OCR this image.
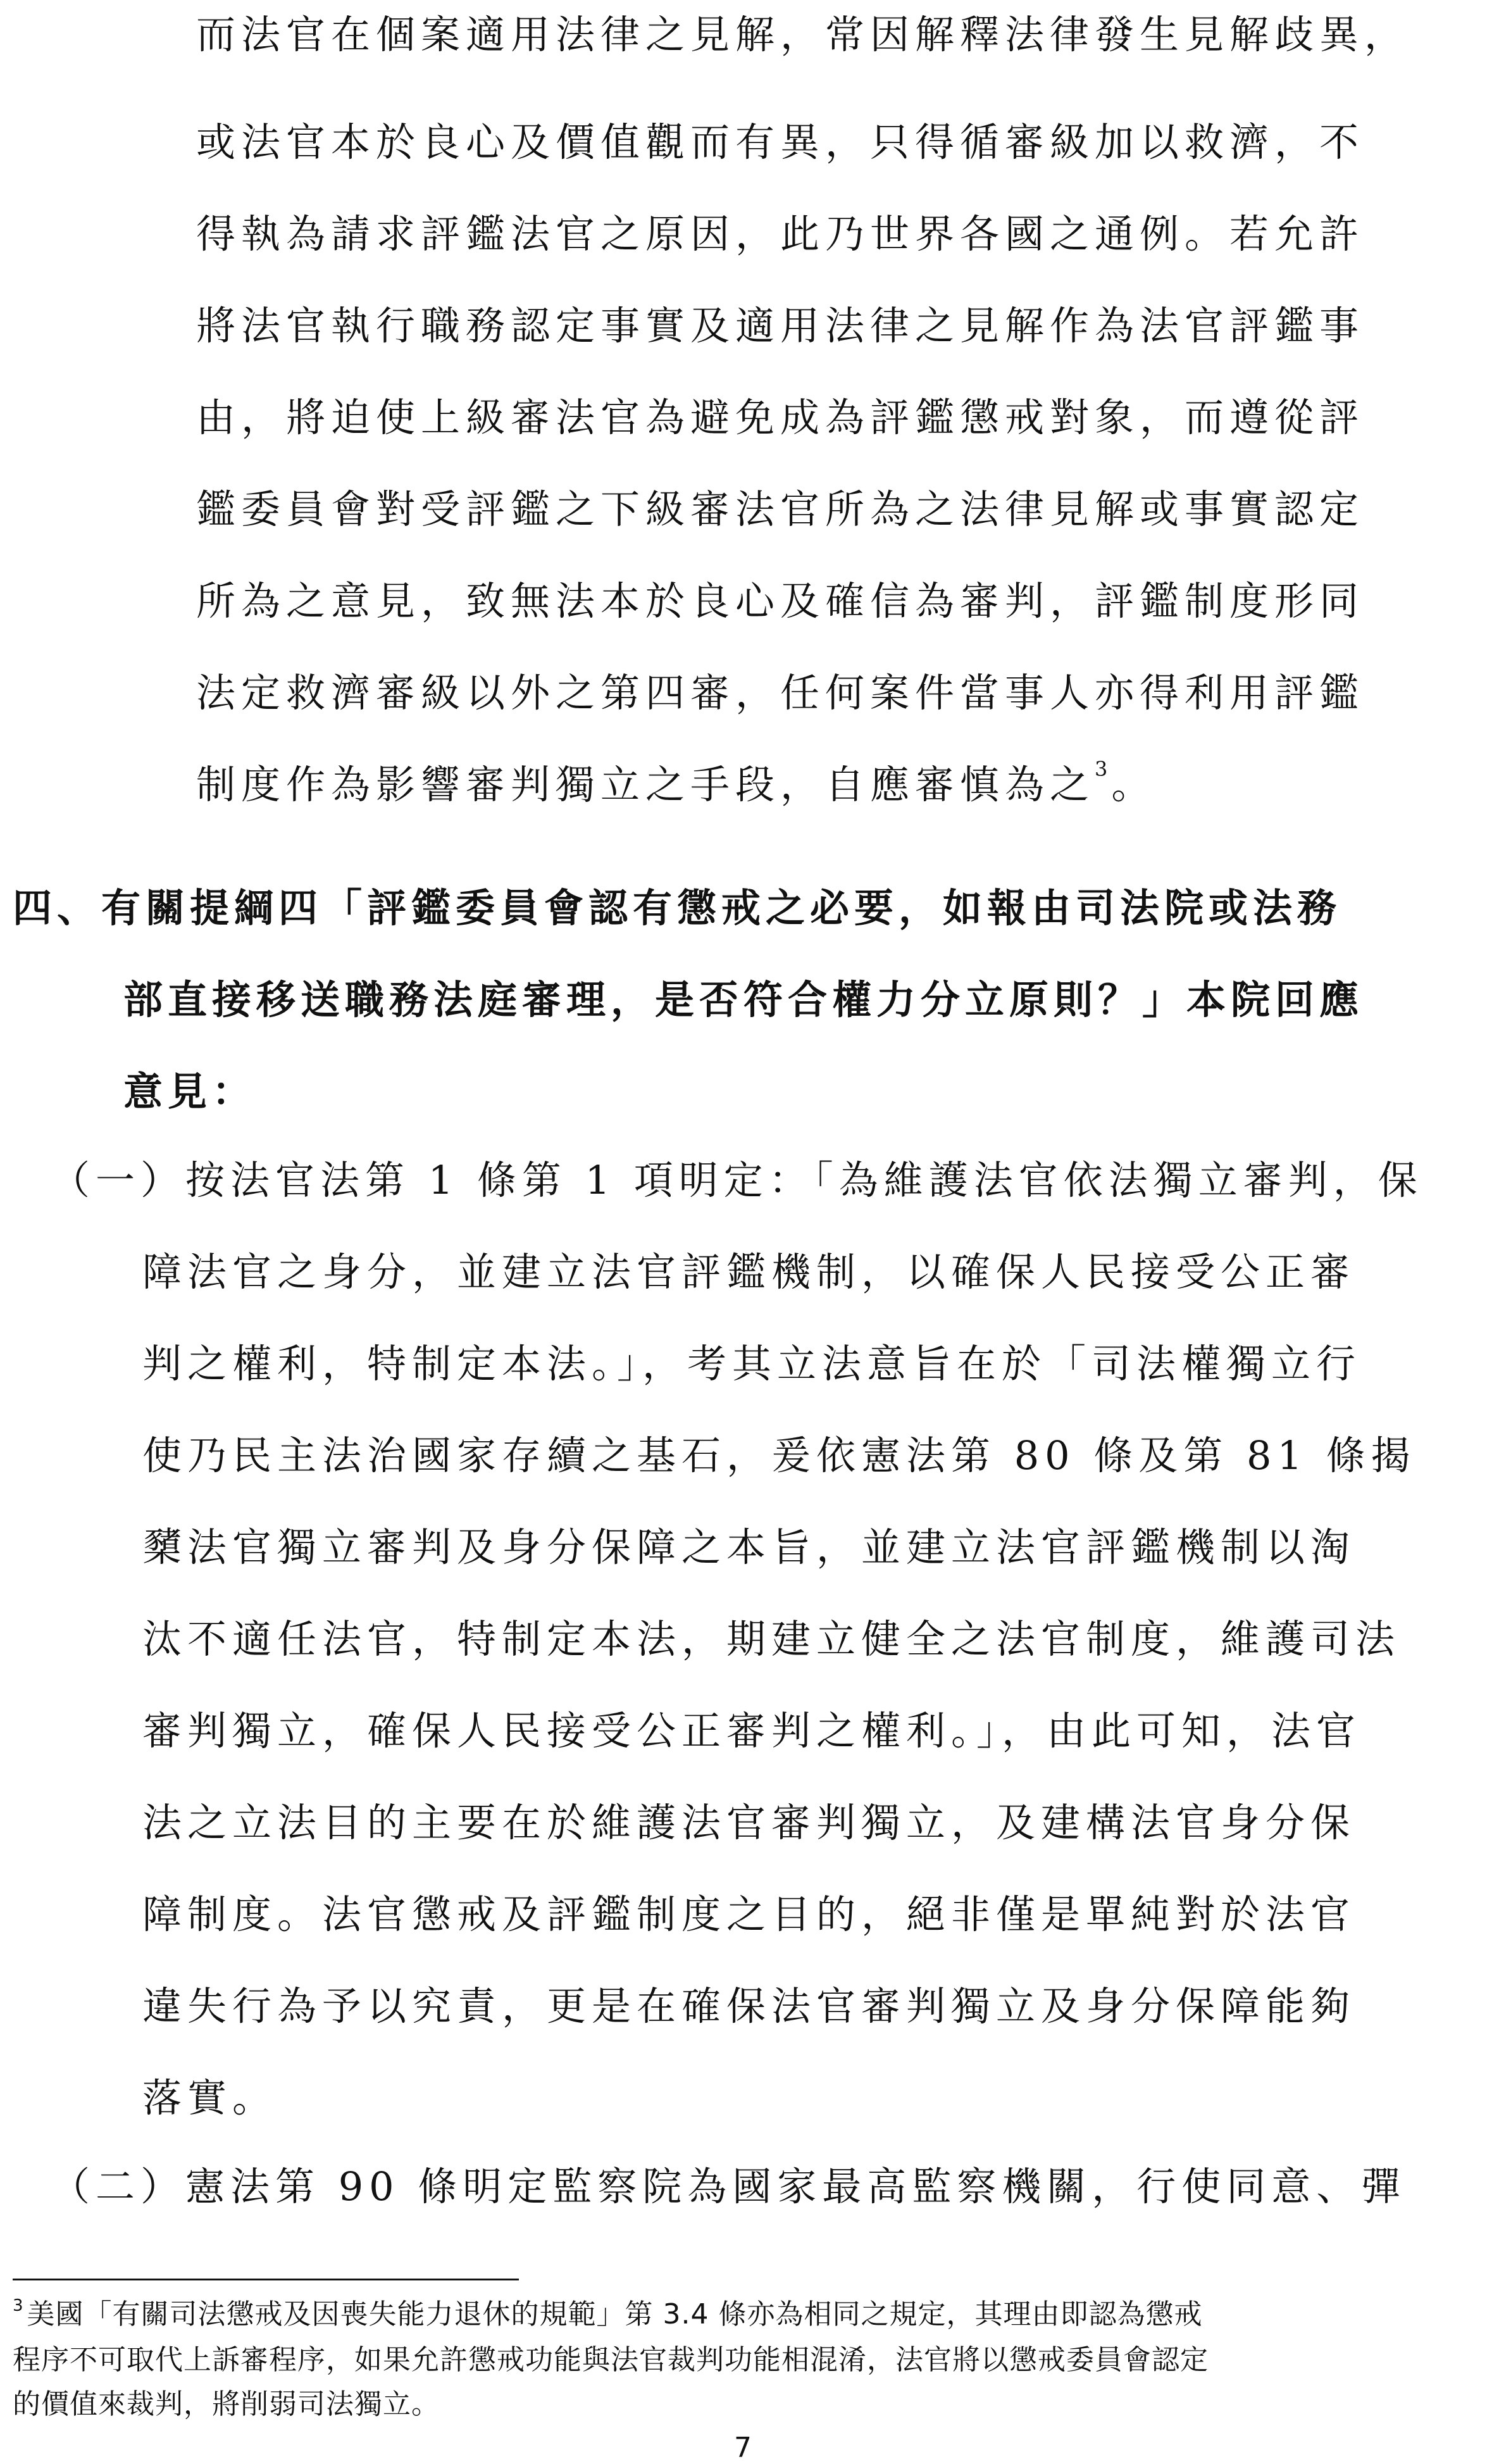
而法官在個案適用法律之見解，常因解釋法律發生見解歧異，
或法官本於良心及價值觀而有異，只得循審級加以救濟，不
得執為請求評鑑法官之原因，此乃世界各國之通例。若允許
將法官執行職務認定事實及適用法律之見解作為法官評鑑事
由，將迫使上級審法官為避免成為評鑑懲戒對象，而遵從評
鑑委員會對受評鑑之下級審法官所為之法律見解或事實認定
所為之意見，致無法本於良心及確信為審判，評鑑制度形同
法定救濟審級以外之第四審，任何案件當事人亦得利用評鑑
制度作為影響審判獨立之手段，自應審慎為之$^3$。
四、有關提綱四「評鑑委員會認有懲戒之必要，如報由司法院或法務
部直接移送職務法庭審理，是否符合權力分立原則？」本院回應
意見：
（一）按法官法第 1 條第 1 項明定：「為維護法官依法獨立審判，保
障法官之身分，並建立法官評鑑機制，以確保人民接受公正審
判之權利，特制定本法。」，考其立法意旨在於「司法權獨立行
使乃民主法治國家存續之基石，爰依憲法第 80 條及第 81 條揭
櫫法官獨立審判及身分保障之本旨，並建立法官評鑑機制以淘
汰不適任法官，特制定本法，期建立健全之法官制度，維護司法
審判獨立，確保人民接受公正審判之權利。」，由此可知，法官
法之立法目的主要在於維護法官審判獨立，及建構法官身分保
障制度。法官懲戒及評鑑制度之目的，絕非僅是單純對於法官
違失行為予以究責，更是在確保法官審判獨立及身分保障能夠
落實。
（二）憲法第 90 條明定監察院為國家最高監察機關，行使同意、彈
$^3$ 美國「有關司法懲戒及因喪失能力退休的規範」第 3.4 條亦為相同之規定，其理由即認為懲戒
程序不可取代上訴審程序，如果允許懲戒功能與法官裁判功能相混淆，法官將以懲戒委員會認定
的價值來裁判，將削弱司法獨立。
7
